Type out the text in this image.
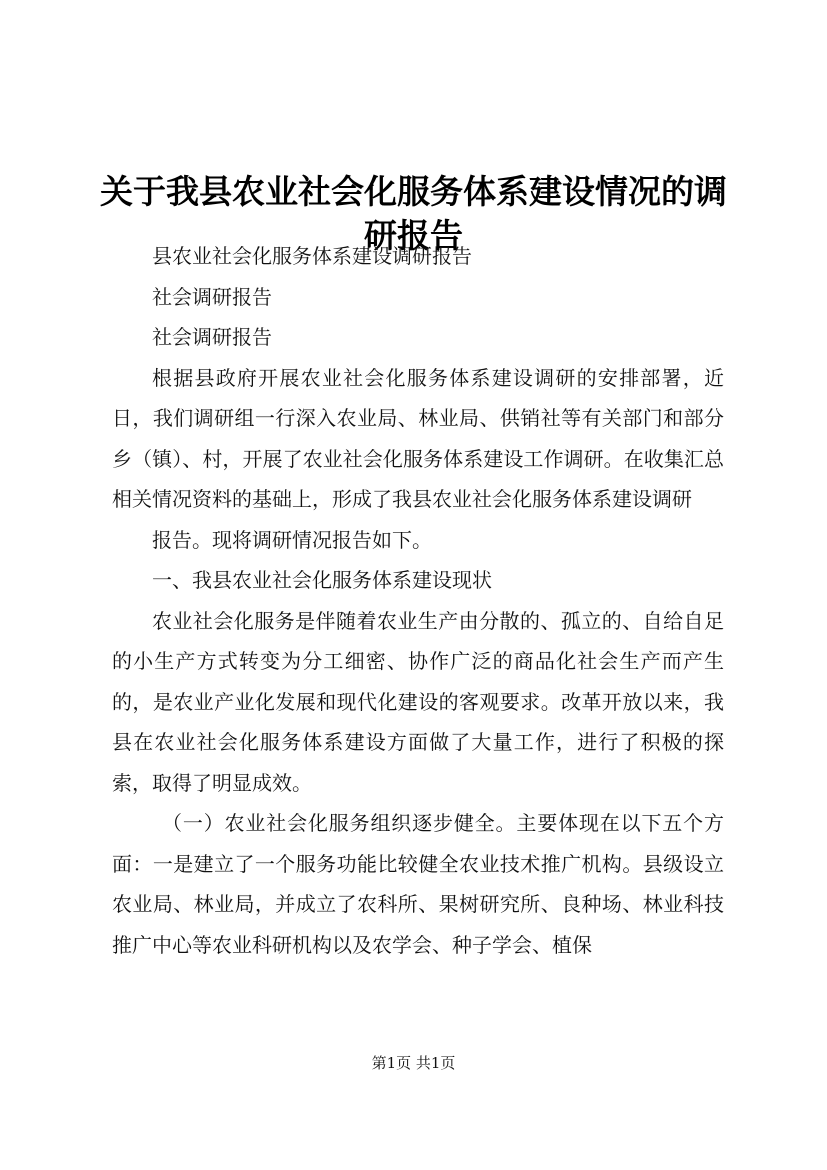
关于我县农业社会化服务体系建设情况的调研报告

县农业社会化服务体系建设调研报告

社会调研报告

社会调研报告

根据县政府开展农业社会化服务体系建设调研的安排部署，近日，我们调研组一行深入农业局、林业局、供销社等有关部门和部分乡（镇）、村，开展了农业社会化服务体系建设工作调研。在收集汇总相关情况资料的基础上，形成了我县农业社会化服务体系建设调研

报告。现将调研情况报告如下。

一、我县农业社会化服务体系建设现状

农业社会化服务是伴随着农业生产由分散的、孤立的、自给自足的小生产方式转变为分工细密、协作广泛的商品化社会生产而产生的，是农业产业化发展和现代化建设的客观要求。改革开放以来，我县在农业社会化服务体系建设方面做了大量工作，进行了积极的探索，取得了明显成效。

（一）农业社会化服务组织逐步健全。主要体现在以下五个方面：一是建立了一个服务功能比较健全农业技术推广机构。县级设立农业局、林业局，并成立了农科所、果树研究所、良种场、林业科技推广中心等农业科研机构以及农学会、种子学会、植保

第1页 共1页
